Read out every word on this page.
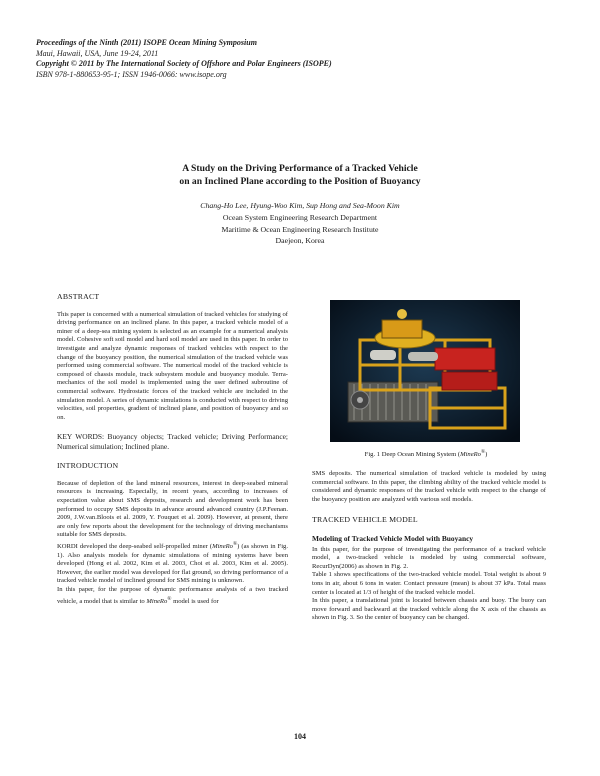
Proceedings of the Ninth (2011) ISOPE Ocean Mining Symposium
Maui, Hawaii, USA, June 19-24, 2011
Copyright © 2011 by The International Society of Offshore and Polar Engineers (ISOPE)
ISBN 978-1-880653-95-1; ISSN 1946-0066: www.isope.org
A Study on the Driving Performance of a Tracked Vehicle
on an Inclined Plane according to the Position of Buoyancy
Chang-Ho Lee, Hyung-Woo Kim, Sup Hong and Sea-Moon Kim
Ocean System Engineering Research Department
Maritime & Ocean Engineering Research Institute
Daejeon, Korea

ABSTRACT

This paper is concerned with a numerical simulation of tracked vehicles for studying of driving performance on an inclined plane. In this paper, a tracked vehicle model of a miner of a deep-sea mining system is selected as an example for a numerical analysis model. Cohesive soft soil model and hard soil model are used in this paper. In order to investigate and analyze dynamic responses of tracked vehicles with respect to the change of the buoyancy position, the numerical simulation of the tracked vehicle was performed using commercial software. The numerical model of the tracked vehicle is composed of chassis module, track subsystem module and buoyancy module. Terra-mechanics of the soil model is implemented using the user defined subroutine of commercial software. Hydrostatic forces of the tracked vehicle are included in the simulation model. A series of dynamic simulations is conducted with respect to driving velocities, soil properties, gradient of inclined plane, and position of buoyancy and so on.

KEY WORDS: Buoyancy objects; Tracked vehicle; Driving Performance; Numerical simulation; Inclined plane.

INTRODUCTION

Because of depletion of the land mineral resources, interest in deep-seabed mineral resources is increasing. Especially, in recent years, according to increases of expectation value about SMS deposits, research and development work has been performed to occupy SMS deposits in advance around advanced country (J.P.Feenan. 2009, J.W.van.Bloois et al. 2009, Y. Fouquet et al. 2009). However, at present, there are only few reports about the development for the technology of driving mechanisms suitable for SMS deposits.

KORDI developed the deep-seabed self-propelled miner (MineRo®) (as shown in Fig. 1). Also analysis models for dynamic simulations of mining systems have been developed (Hong et al. 2002, Kim et al. 2003, Choi et al. 2003, Kim et al. 2005). However, the earlier model was developed for flat ground, so driving performance of a tracked vehicle model of inclined ground for SMS mining is unknown.

In this paper, for the purpose of dynamic performance analysis of a two tracked vehicle, a model that is similar to MineRo® model is used for

Fig. 1 Deep Ocean Mining System (MineRo®)

SMS deposits. The numerical simulation of tracked vehicle is modeled by using commercial software. In this paper, the climbing ability of the tracked vehicle model is considered and dynamic responses of the tracked vehicle with respect to the change of the buoyancy position are analyzed with various soil models.

TRACKED VEHICLE MODEL

Modeling of Tracked Vehicle Model with Buoyancy

In this paper, for the purpose of investigating the performance of a tracked vehicle model, a two-tracked vehicle is modeled by using commercial software, RecurDyn(2006) as shown in Fig. 2.

Table 1 shows specifications of the two-tracked vehicle model. Total weight is about 9 tons in air, about 6 tons in water. Contact pressure (mean) is about 37 kPa. Total mass center is located at 1/3 of height of the tracked vehicle model.

In this paper, a translational joint is located between chassis and buoy. The buoy can move forward and backward at the tracked vehicle along the X axis of the chassis as shown in Fig. 3. So the center of buoyancy can be changed.

104
